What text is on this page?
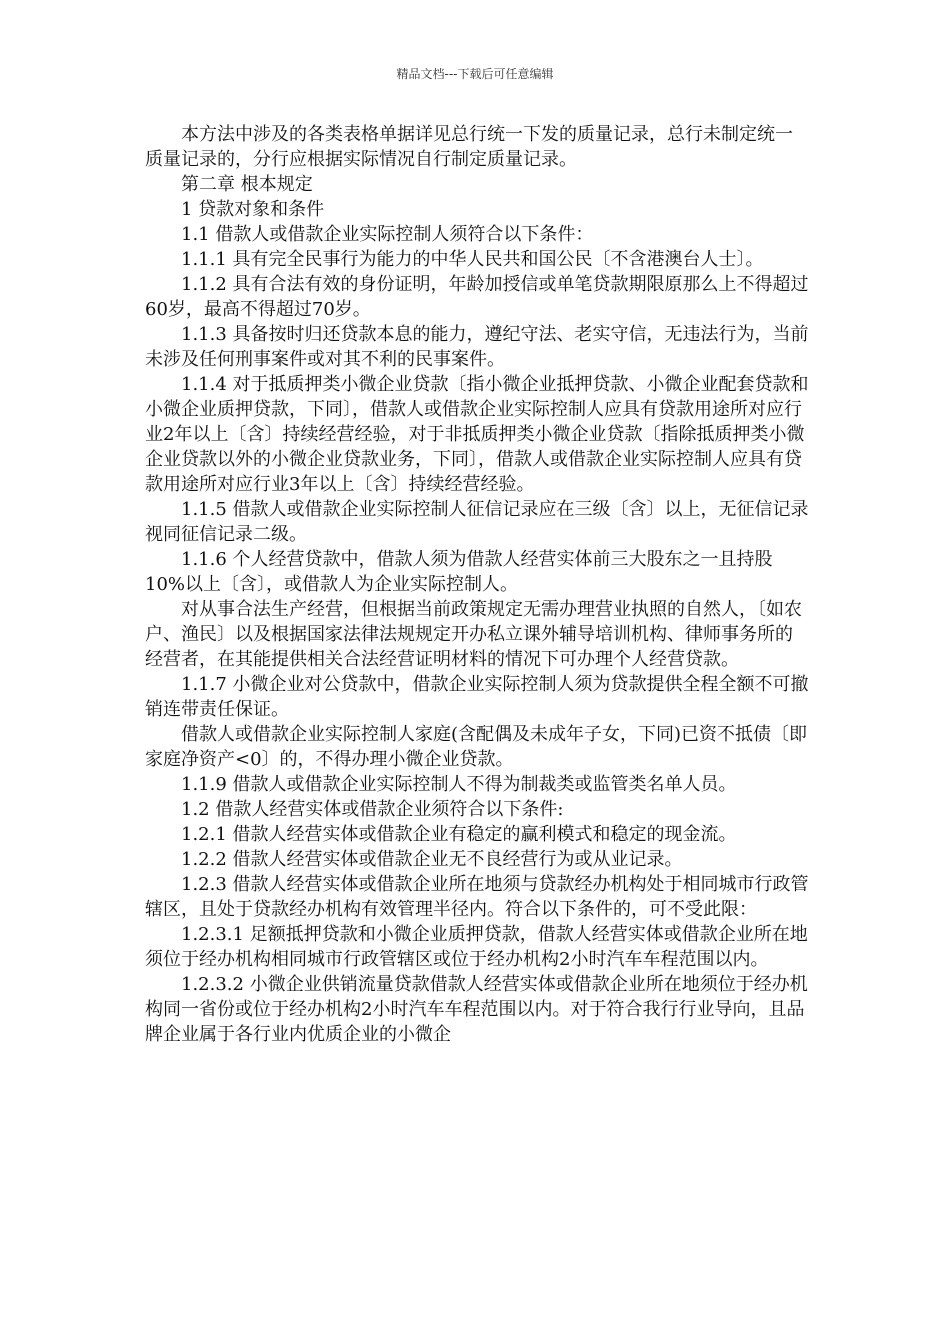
精品文档---下载后可任意编辑

本方法中涉及的各类表格单据详见总行统一下发的质量记录，总行未制定统一质量记录的，分行应根据实际情况自行制定质量记录。

第二章 根本规定

1 贷款对象和条件

1.1 借款人或借款企业实际控制人须符合以下条件：

1.1.1 具有完全民事行为能力的中华人民共和国公民〔不含港澳台人士〕。

1.1.2 具有合法有效的身份证明，年龄加授信或单笔贷款期限原那么上不得超过60岁，最高不得超过70岁。

1.1.3 具备按时归还贷款本息的能力，遵纪守法、老实守信，无违法行为，当前未涉及任何刑事案件或对其不利的民事案件。

1.1.4 对于抵质押类小微企业贷款〔指小微企业抵押贷款、小微企业配套贷款和小微企业质押贷款，下同〕，借款人或借款企业实际控制人应具有贷款用途所对应行业2年以上〔含〕持续经营经验，对于非抵质押类小微企业贷款〔指除抵质押类小微企业贷款以外的小微企业贷款业务，下同〕，借款人或借款企业实际控制人应具有贷款用途所对应行业3年以上〔含〕持续经营经验。

1.1.5 借款人或借款企业实际控制人征信记录应在三级〔含〕以上，无征信记录视同征信记录二级。

1.1.6 个人经营贷款中，借款人须为借款人经营实体前三大股东之一且持股10%以上〔含〕，或借款人为企业实际控制人。

对从事合法生产经营，但根据当前政策规定无需办理营业执照的自然人，〔如农户、渔民〕以及根据国家法律法规规定开办私立课外辅导培训机构、律师事务所的经营者，在其能提供相关合法经营证明材料的情况下可办理个人经营贷款。

1.1.7 小微企业对公贷款中，借款企业实际控制人须为贷款提供全程全额不可撤销连带责任保证。

借款人或借款企业实际控制人家庭(含配偶及未成年子女，下同)已资不抵债〔即家庭净资产<0〕的，不得办理小微企业贷款。

1.1.9 借款人或借款企业实际控制人不得为制裁类或监管类名单人员。

1.2 借款人经营实体或借款企业须符合以下条件:

1.2.1 借款人经营实体或借款企业有稳定的赢利模式和稳定的现金流。

1.2.2 借款人经营实体或借款企业无不良经营行为或从业记录。

1.2.3 借款人经营实体或借款企业所在地须与贷款经办机构处于相同城市行政管辖区，且处于贷款经办机构有效管理半径内。符合以下条件的，可不受此限：

1.2.3.1 足额抵押贷款和小微企业质押贷款，借款人经营实体或借款企业所在地须位于经办机构相同城市行政管辖区或位于经办机构2小时汽车车程范围以内。

1.2.3.2 小微企业供销流量贷款借款人经营实体或借款企业所在地须位于经办机构同一省份或位于经办机构2小时汽车车程范围以内。对于符合我行行业导向，且品牌企业属于各行业内优质企业的小微企
